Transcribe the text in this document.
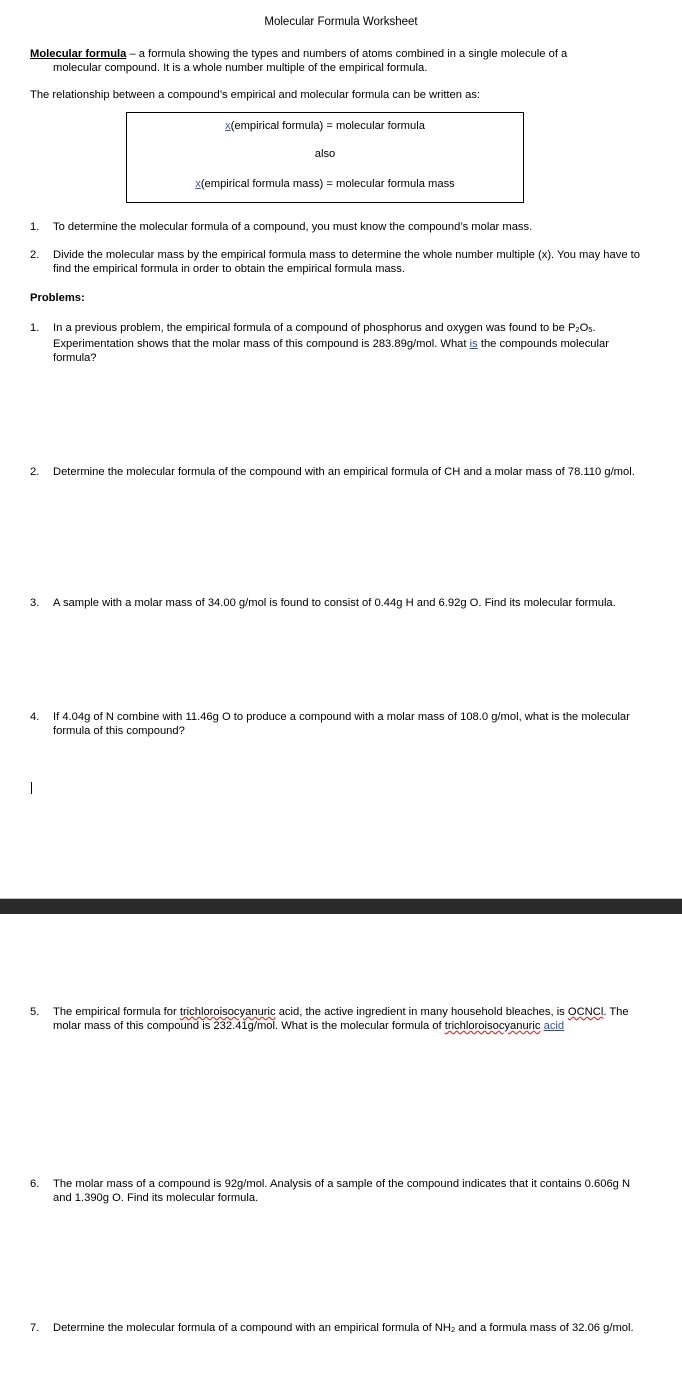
Molecular Formula Worksheet
Molecular formula – a formula showing the types and numbers of atoms combined in a single molecule of a
molecular compound. It is a whole number multiple of the empirical formula.
The relationship between a compound’s empirical and molecular formula can be written as:
x(empirical formula) = molecular formula
also
x(empirical formula mass) = molecular formula mass
1. To determine the molecular formula of a compound, you must know the compound’s molar mass.
2. Divide the molecular mass by the empirical formula mass to determine the whole number multiple (x). You may have to find the empirical formula in order to obtain the empirical formula mass.
Problems:
1. In a previous problem, the empirical formula of a compound of phosphorus and oxygen was found to be $P_2O_5$. Experimentation shows that the molar mass of this compound is 283.89g/mol. What is the compounds molecular formula?
2. Determine the molecular formula of the compound with an empirical formula of CH and a molar mass of 78.110 g/mol.
3. A sample with a molar mass of 34.00 g/mol is found to consist of 0.44g H and 6.92g O. Find its molecular formula.
4. If 4.04g of N combine with 11.46g O to produce a compound with a molar mass of 108.0 g/mol, what is the molecular formula of this compound?
5. The empirical formula for trichloroisocyanuric acid, the active ingredient in many household bleaches, is OCNCl. The molar mass of this compound is 232.41g/mol. What is the molecular formula of trichloroisocyanuric acid
6. The molar mass of a compound is 92g/mol. Analysis of a sample of the compound indicates that it contains 0.606g N and 1.390g O. Find its molecular formula.
7. Determine the molecular formula of a compound with an empirical formula of $NH_2$ and a formula mass of 32.06 g/mol.
